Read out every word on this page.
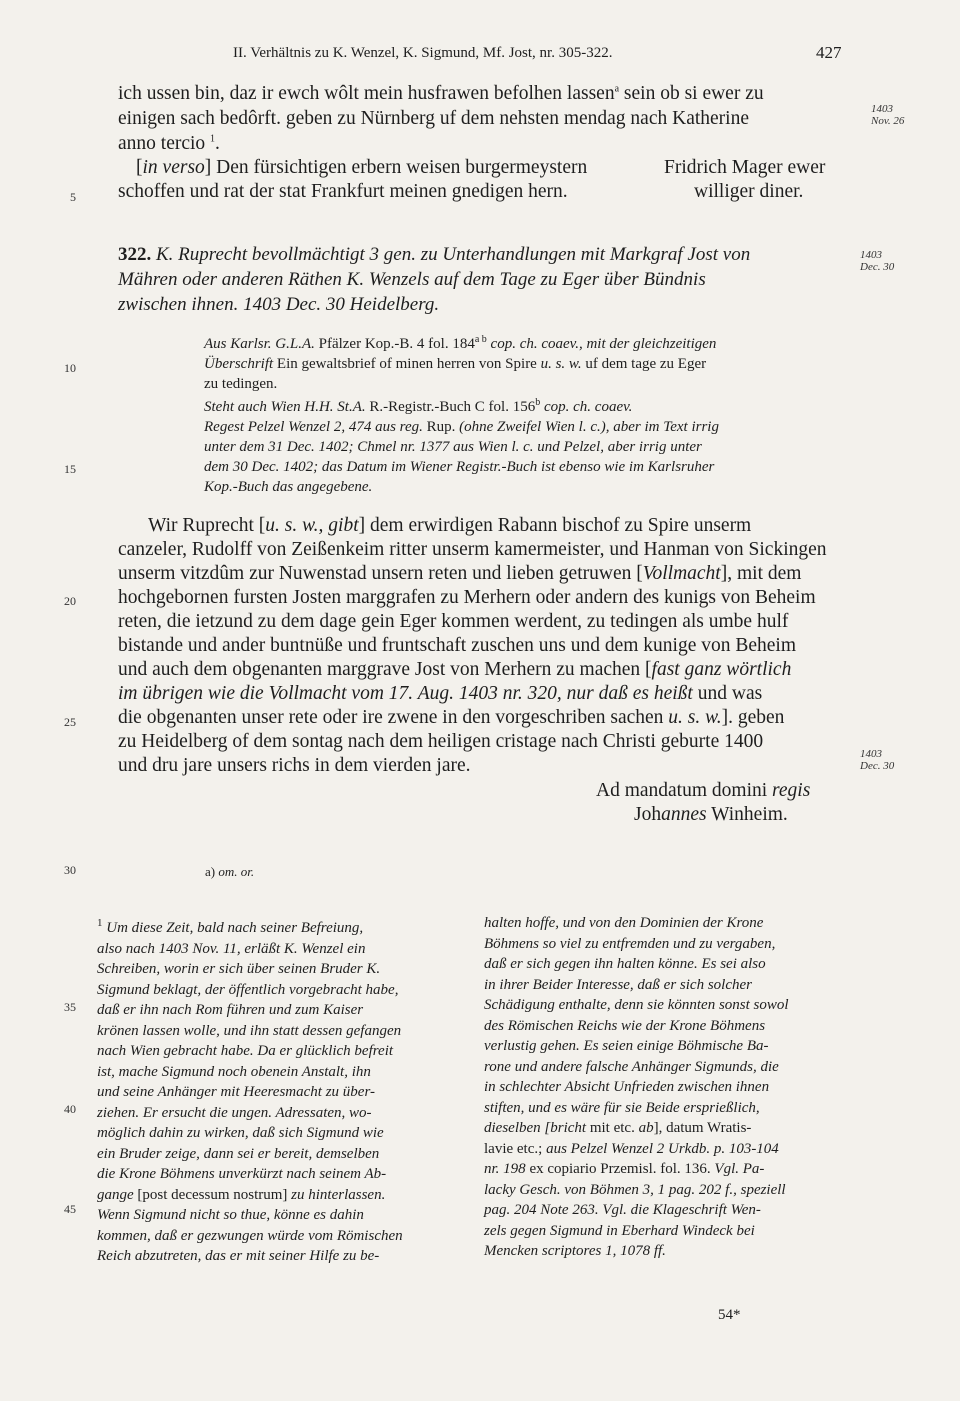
II. Verhältnis zu K. Wenzel, K. Sigmund, Mf. Jost, nr. 305-322.	427
ich ussen bin, daz ir ewch wôlt mein husfrawen befolhen lassen$^a$ sein ob si ewer zu
einigen sach bedôrft. geben zu Nürnberg uf dem nehsten mendag nach Katherine
anno tercio $^1$.
[in verso] Den fürsichtigen erbern weisen burgermeystern
schoffen und rat der stat Frankfurt meinen gnedigen hern.
Fridrich Mager ewer
williger diner.
1403
Nov. 26
322. K. Ruprecht bevollmächtigt 3 gen. zu Unterhandlungen mit Markgraf Jost von
Mähren oder anderen Räthen K. Wenzels auf dem Tage zu Eger über Bündnis
zwischen ihnen. 1403 Dec. 30 Heidelberg.
1403
Dec. 30
Aus Karlsr. G.L.A. Pfälzer Kop.-B. 4 fol. $184^{a b}$ cop. ch. coaev., mit der gleichzeitigen
Überschrift Ein gewaltsbrief of minen herren von Spire u. s. w. uf dem tage zu Eger
zu tedingen.
Steht auch Wien H.H. St.A. R.-Registr.-Buch C fol. 156$^b$ cop. ch. coaev.
Regest Pelzel Wenzel 2, 474 aus reg. Rup. (ohne Zweifel Wien l. c.), aber im Text irrig
unter dem 31 Dec. 1402; Chmel nr. 1377 aus Wien l. c. und Pelzel, aber irrig unter
dem 30 Dec. 1402; das Datum im Wiener Registr.-Buch ist ebenso wie im Karlsruher
Kop.-Buch das angegebene.
Wir Ruprecht [u. s. w., gibt] dem erwirdigen Rabann bischof zu Spire unserm
canzeler, Rudolff von Zeißenkeim ritter unserm kamermeister, und Hanman von Sickingen
unserm vitzdûm zur Nuwenstad unsern reten und lieben getruwen [Vollmacht], mit dem
hochgebornen fursten Josten marggrafen zu Merhern oder andern des kunigs von Beheim
reten, die ietzund zu dem dage gein Eger kommen werdent, zu tedingen als umbe hulf
bistande und ander buntnüße und fruntschaft zuschen uns und dem kunige von Beheim
und auch dem obgenanten marggrave Jost von Merhern zu machen [fast ganz wörtlich
im übrigen wie die Vollmacht vom 17. Aug. 1403 nr. 320, nur daß es heißt und was
die obgenanten unser rete oder ire zwene in den vorgeschriben sachen u. s. w.]. geben
zu Heidelberg of dem sontag nach dem heiligen cristage nach Christi geburte 1400
und dru jare unsers richs in dem vierden jare.
Ad mandatum domini regis
Johannes Winheim.
1403
Dec. 30
a) om. or.
$^1$ Um diese Zeit, bald nach seiner Befreiung,
also nach 1403 Nov. 11, erläßt K. Wenzel ein
Schreiben, worin er sich über seinen Bruder K.
Sigmund beklagt, der öffentlich vorgebracht habe,
daß er ihn nach Rom führen und zum Kaiser
krönen lassen wolle, und ihn statt dessen gefangen
nach Wien gebracht habe. Da er glücklich befreit
ist, mache Sigmund noch obenein Anstalt, ihn
und seine Anhänger mit Heeresmacht zu über-
ziehen. Er ersucht die ungen. Adressaten, wo-
möglich dahin zu wirken, daß sich Sigmund wie
ein Bruder zeige, dann sei er bereit, demselben
die Krone Böhmens unverkürzt nach seinem Ab-
gange [post decessum nostrum] zu hinterlassen.
Wenn Sigmund nicht so thue, könne es dahin
kommen, daß er gezwungen würde vom Römischen
Reich abzutreten, das er mit seiner Hilfe zu be-
halten hoffe, und von den Dominien der Krone
Böhmens so viel zu entfremden und zu vergaben,
daß er sich gegen ihn halten könne. Es sei also
in ihrer Beider Interesse, daß er sich solcher
Schädigung enthalte, denn sie könnten sonst sowol
des Römischen Reichs wie der Krone Böhmens
verlustig gehen. Es seien einige Böhmische Ba-
rone und andere falsche Anhänger Sigmunds, die
in schlechter Absicht Unfrieden zwischen ihnen
stiften, und es wäre für sie Beide ersprießlich,
dieselben [bricht mit etc. ab], datum Wratis-
lavie etc.; aus Pelzel Wenzel 2 Urkdb. p. 103-104
nr. 198 ex copiario Przemisl. fol. 136. Vgl. Pa-
lacky Gesch. von Böhmen 3, 1 pag. 202 f., speziell
pag. 204 Note 263. Vgl. die Klageschrift Wen-
zels gegen Sigmund in Eberhard Windeck bei
Mencken scriptores 1, 1078 ff.
5
10
15
20
25
30
35
40
45
54*
